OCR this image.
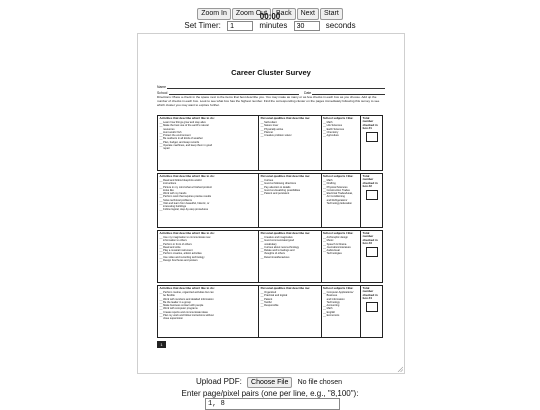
Zoom In Zoom Out Back Next Start
00:00
Set Timer: 1	minutes 30	seconds
Career Cluster Survey
Name
School	Date
Directions: Place a check in the space next to the items that best describe you. You may make as many or as few checks in each box as you choose. Add up the number of checks in each box. Look to see what box has the highest number. Find the corresponding cluster on the pages immediately following this survey to see which cluster you may want to explore further.
Activities that describe what I like to do:
__ Learn how things grow and stay alive
__ Make the best use of the earth's natural
resources
__ Hunt and/or fish
__ Protect the environment
__ Be outdoors in all kinds of weather
__ Plan, budget, and keep records
__ Operate machines, and keep them in good
repair
Personal qualities that describe me:
__ Self-reliant
__ Nature lover
__ Physically active
__ Planner
__ Creative problem solver
School subjects I like:
__ Math
__ Life Sciences
__ Earth Sciences
__ Chemistry
__ Agriculture
Total number checked in box #1
Activities that describe what I like to do:
__ Read and follow blueprints and/or
instructions
__ Picture in my mind what a finished product
looks like
__ Work with my hands
__ Perform work that requires precise results
__ Solve technical problems
__ Visit and learn from beautiful, historic, or
interesting buildings
__ Follow logical, step-by-step procedures
Personal qualities that describe me:
__ Curious
__ Good at following directions
__ Pay attention to details
__ Good at visualizing possibilities
__ Patient and persistent
School subjects I like:
__ Math
__ Drafting
__ Physical Sciences
__ Construction Trades
__ Electrical Trades/Heat,
Air Conditioning
and Refrigeration/
Technology Education
Total number checked in box #2
Activities that describe what I like to do:
__ Use my imagination to communicate new
information to others
__ Perform in front of others
__ Read and write
__ Play a musical instrument
__ Perform creative, artistic activities
__ Use video and recording technology
__ Design brochures and posters
Personal qualities that describe me:
__ Creative and imaginative
__ Good communicator/good
vocabulary
__ Curious about new technology
__ Relate well to feelings and
thoughts of others
__ Determined/tenacious
School subjects I like:
__ Art/Graphic design
__ Music
__ Speech & Drama
__ Journalism/Literature
__ Audiovisual
Technologies
Total number checked in box #3
Activities that describe what I like to do:
__ Perform routine, organized activities but can
be flexible
__ Work with numbers and detailed information
__ Be the leader in a group
__ Make business contact with people
__ Work with computer programs
__ Create reports and communicate ideas
__ Plan my work and follow instructions without
close supervision
Personal qualities that describe me:
__ Organized
__ Practical and logical
__ Patient
__ Tactful
__ Responsible
School subjects I like:
__ Computer Applications/
Business
and Information
Technology
__ Accounting
__ Math
__ English
__ Economics
Total number checked in box #4
1
Upload PDF: Choose File No file chosen
Enter page/pixel pairs (one per line, e.g., "8,100"):
1, 8
